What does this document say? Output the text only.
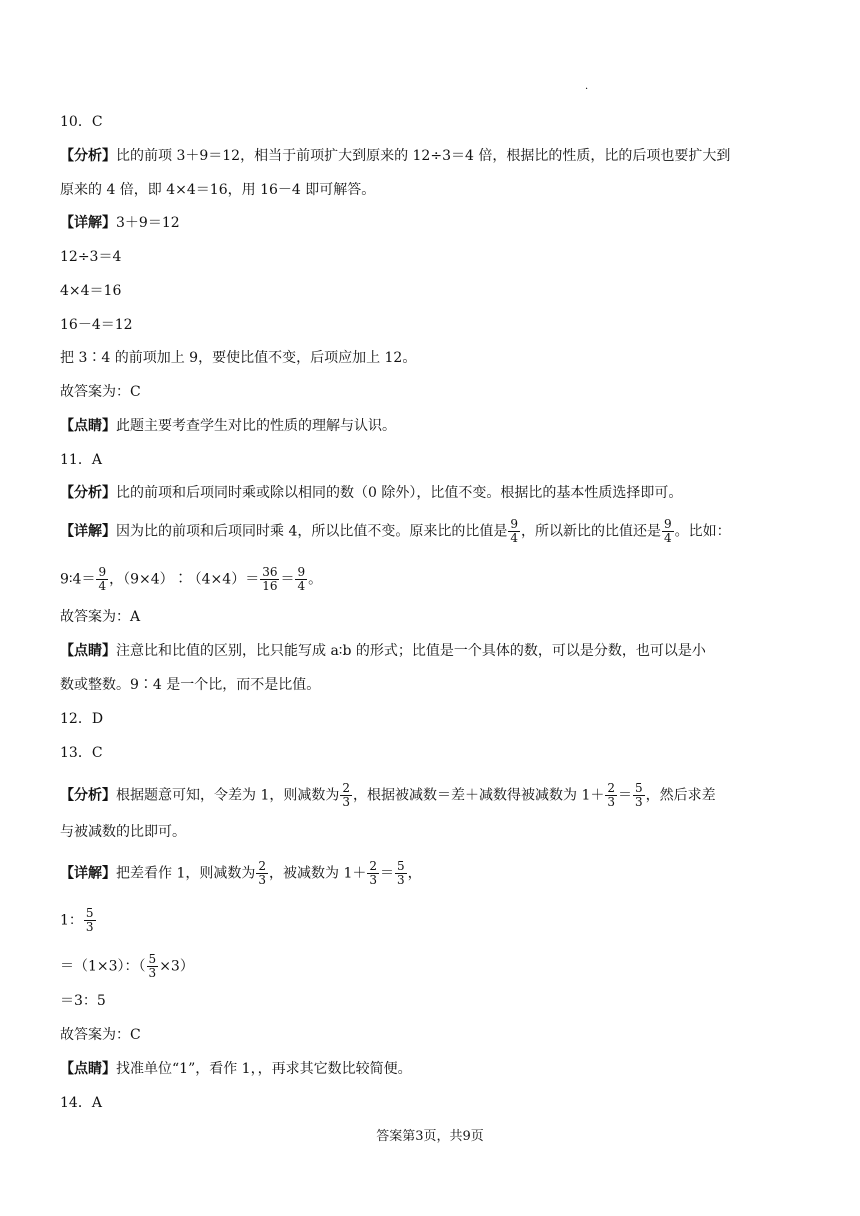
·
10．C
【分析】比的前项 3＋9＝12，相当于前项扩大到原来的 12÷3＝4 倍，根据比的性质，比的后项也要扩大到
原来的 4 倍，即 4×4＝16，用 16－4 即可解答。
【详解】3＋9＝12
12÷3＝4
4×4＝16
16－4＝12
把 3∶4 的前项加上 9，要使比值不变，后项应加上 12。
故答案为：C
【点睛】此题主要考查学生对比的性质的理解与认识。
11．A
【分析】比的前项和后项同时乘或除以相同的数（0 除外），比值不变。根据比的基本性质选择即可。
【详解】因为比的前项和后项同时乘 4，所以比值不变。原来比的比值是 $\frac{9}{4}$ ，所以新比的比值还是 $\frac{9}{4}$ 。比如：
9∶4＝ $\frac{9}{4}$ ，（9×4）∶（4×4）＝ $\frac{36}{16} = \frac{9}{4}$ 。
故答案为：A
【点睛】注意比和比值的区别，比只能写成 a∶b 的形式；比值是一个具体的数，可以是分数，也可以是小
数或整数。9∶4 是一个比，而不是比值。
12．D
13．C
【分析】根据题意可知，令差为 1，则减数为 $\frac{2}{3}$ ，根据被减数＝差＋减数得被减数为 $1+ \frac{2}{3} = \frac{5}{3}$ ，然后求差
与被减数的比即可。
【详解】把差看作 1，则减数为 $\frac{2}{3}$ ，被减数为 $1+ \frac{2}{3} = \frac{5}{3}$ ，
1： $\frac{5}{3}$
＝（1×3）：（ $\frac{5}{3} \times 3$）
＝3：5
故答案为：C
【点睛】找准单位“1”，看作 1，，再求其它数比较简便。
14．A
答案第3页，共9页
